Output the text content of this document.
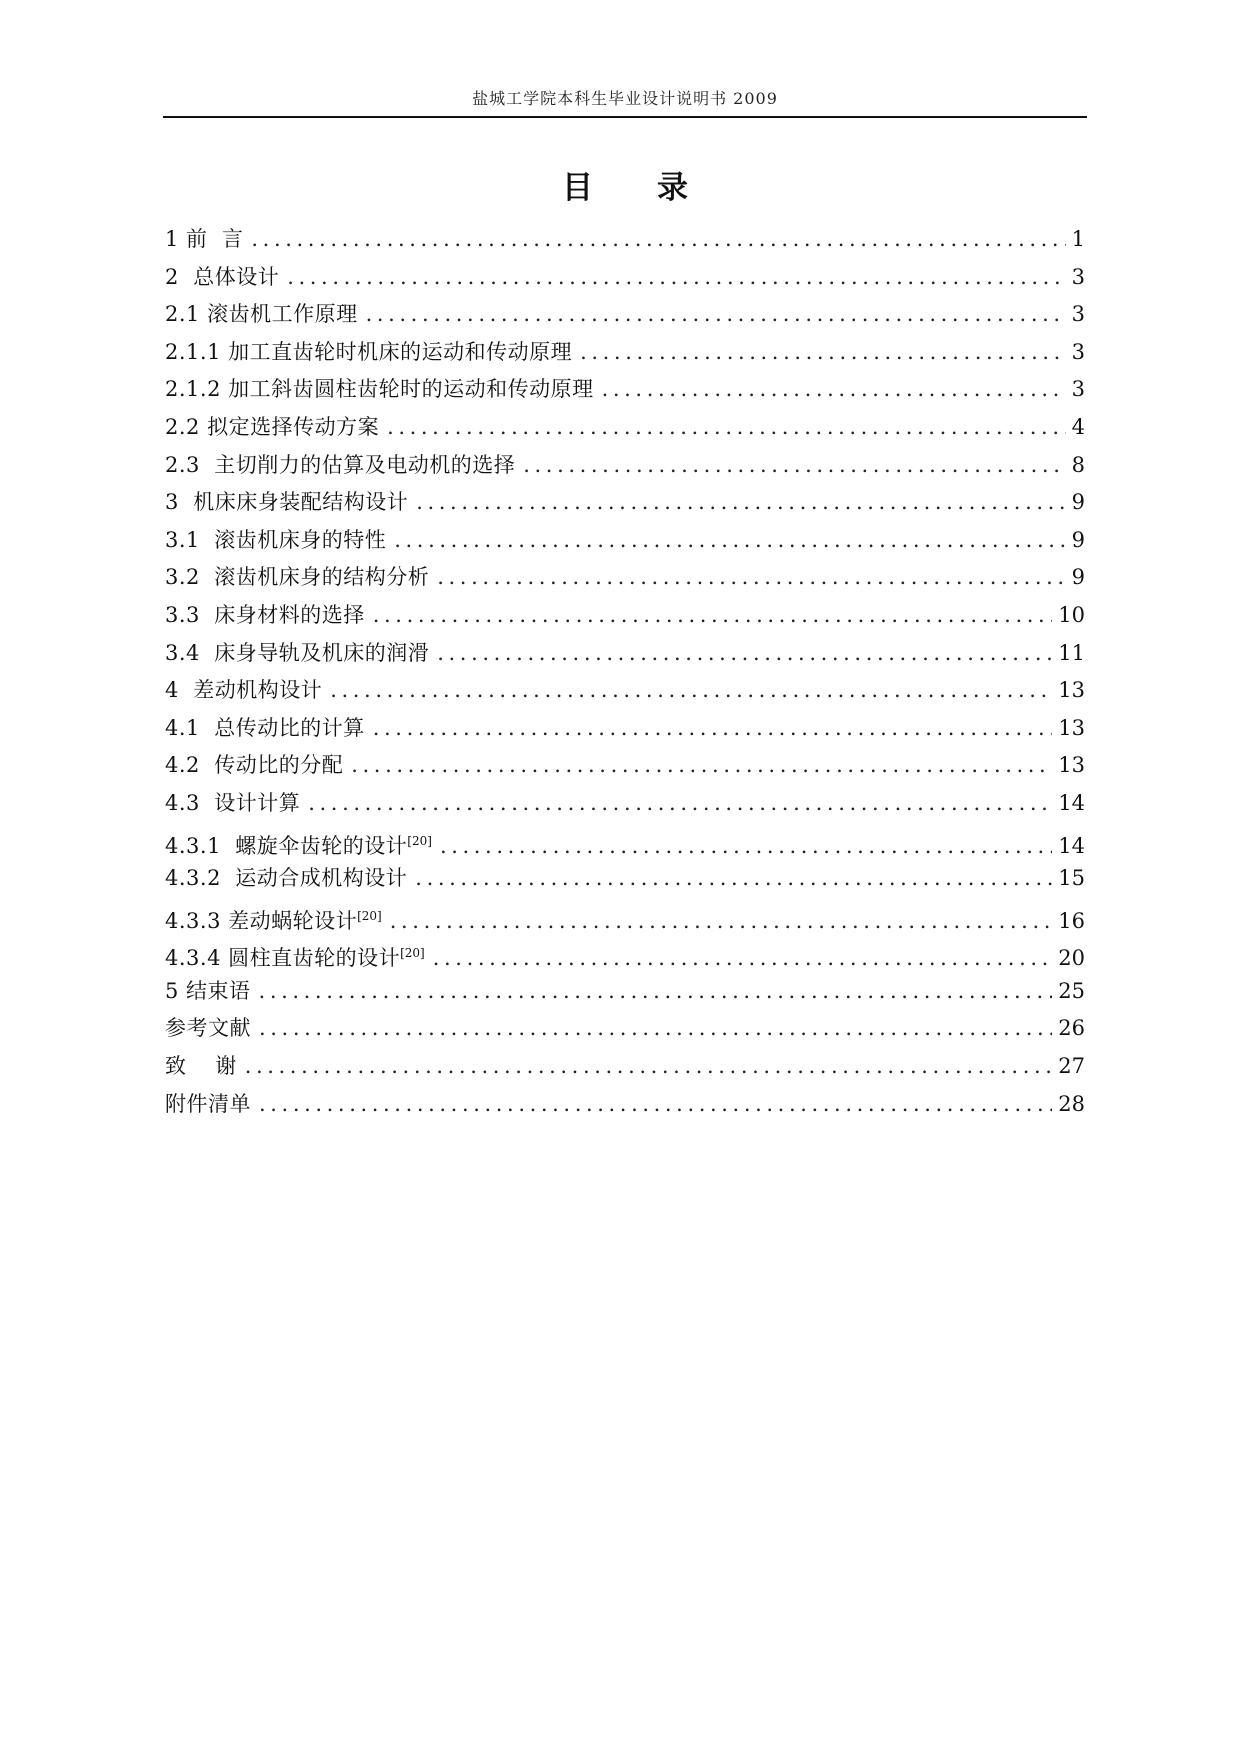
盐城工学院本科生毕业设计说明书 2009
目 录
1 前  言 .....	1
2  总体设计 .....	3
2.1 滚齿机工作原理 .....	3
2.1.1 加工直齿轮时机床的运动和传动原理 .....	3
2.1.2 加工斜齿圆柱齿轮时的运动和传动原理 .....	3
2.2 拟定选择传动方案 .....	4
2.3  主切削力的估算及电动机的选择 .....	8
3  机床床身装配结构设计 .....	9
3.1  滚齿机床身的特性 .....	9
3.2  滚齿机床身的结构分析 .....	9
3.3  床身材料的选择 .....	10
3.4  床身导轨及机床的润滑 .....	11
4  差动机构设计 .....	13
4.1  总传动比的计算 .....	13
4.2  传动比的分配 .....	13
4.3  设计计算 .....	14
4.3.1  螺旋伞齿轮的设计[20] .....	14
4.3.2  运动合成机构设计 .....	15
4.3.3 差动蜗轮设计[20] .....	16
4.3.4 圆柱直齿轮的设计[20] .....	20
5 结束语 .....	25
参考文献 .....	26
致    谢 .....	27
附件清单 .....	28
